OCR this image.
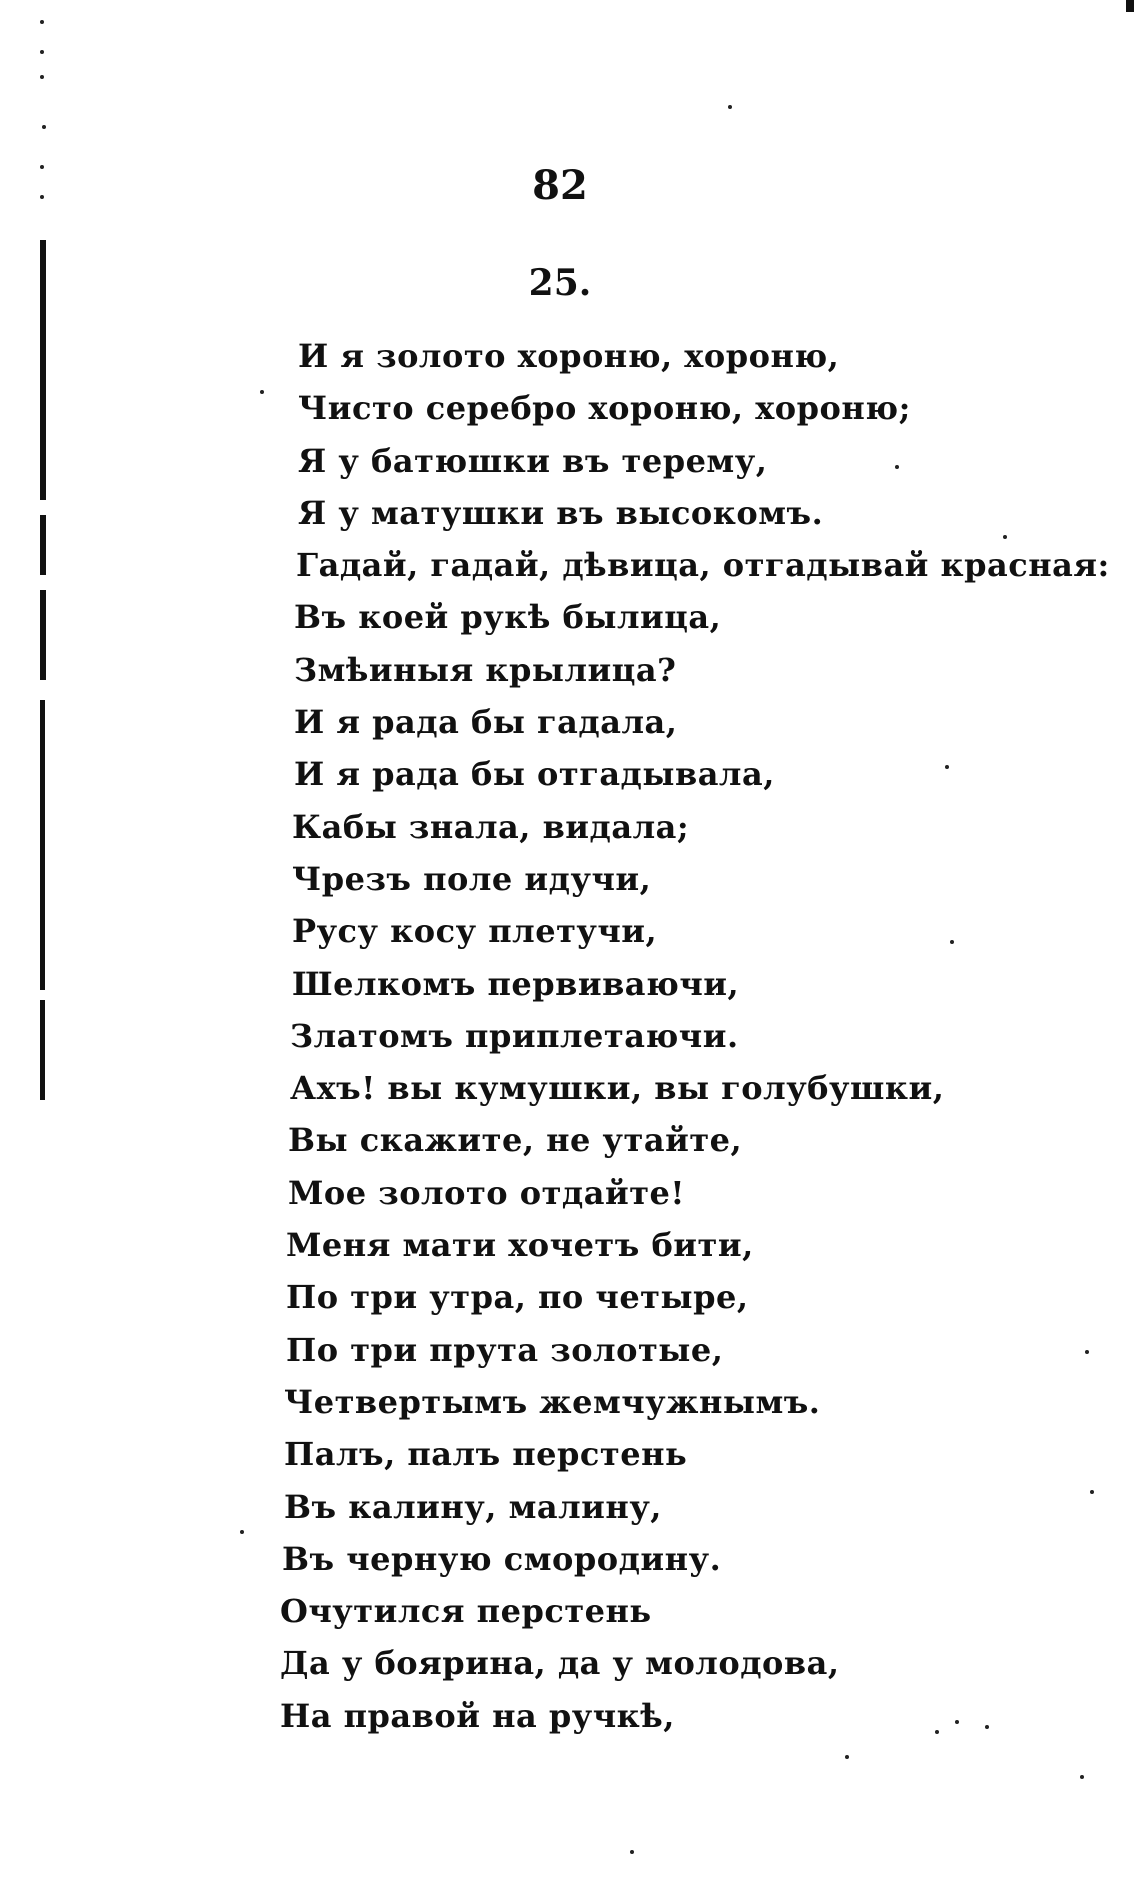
82
25.
И я золото хороню, хороню,
Чисто серебро хороню, хороню;
Я у батюшки въ терему,
Я у матушки въ высокомъ.
Гадай, гадай, дѣвица, отгадывай красная:
Въ коей рукѣ былица,
Змѣиныя крылица?
И я рада бы гадала,
И я рада бы отгадывала,
Кабы знала, видала;
Чрезъ поле идучи,
Русу косу плетучи,
Шелкомъ первиваючи,
Златомъ приплетаючи.
Ахъ! вы кумушки, вы голубушки,
Вы скажите, не утайте,
Мое золото отдайте!
Меня мати хочетъ бити,
По три утра, по четыре,
По три прута золотые,
Четвертымъ жемчужнымъ.
Палъ, палъ перстень
Въ калину, малину,
Въ черную смородину.
Очутился перстень
Да у боярина, да у молодова,
На правой на ручкѣ,
